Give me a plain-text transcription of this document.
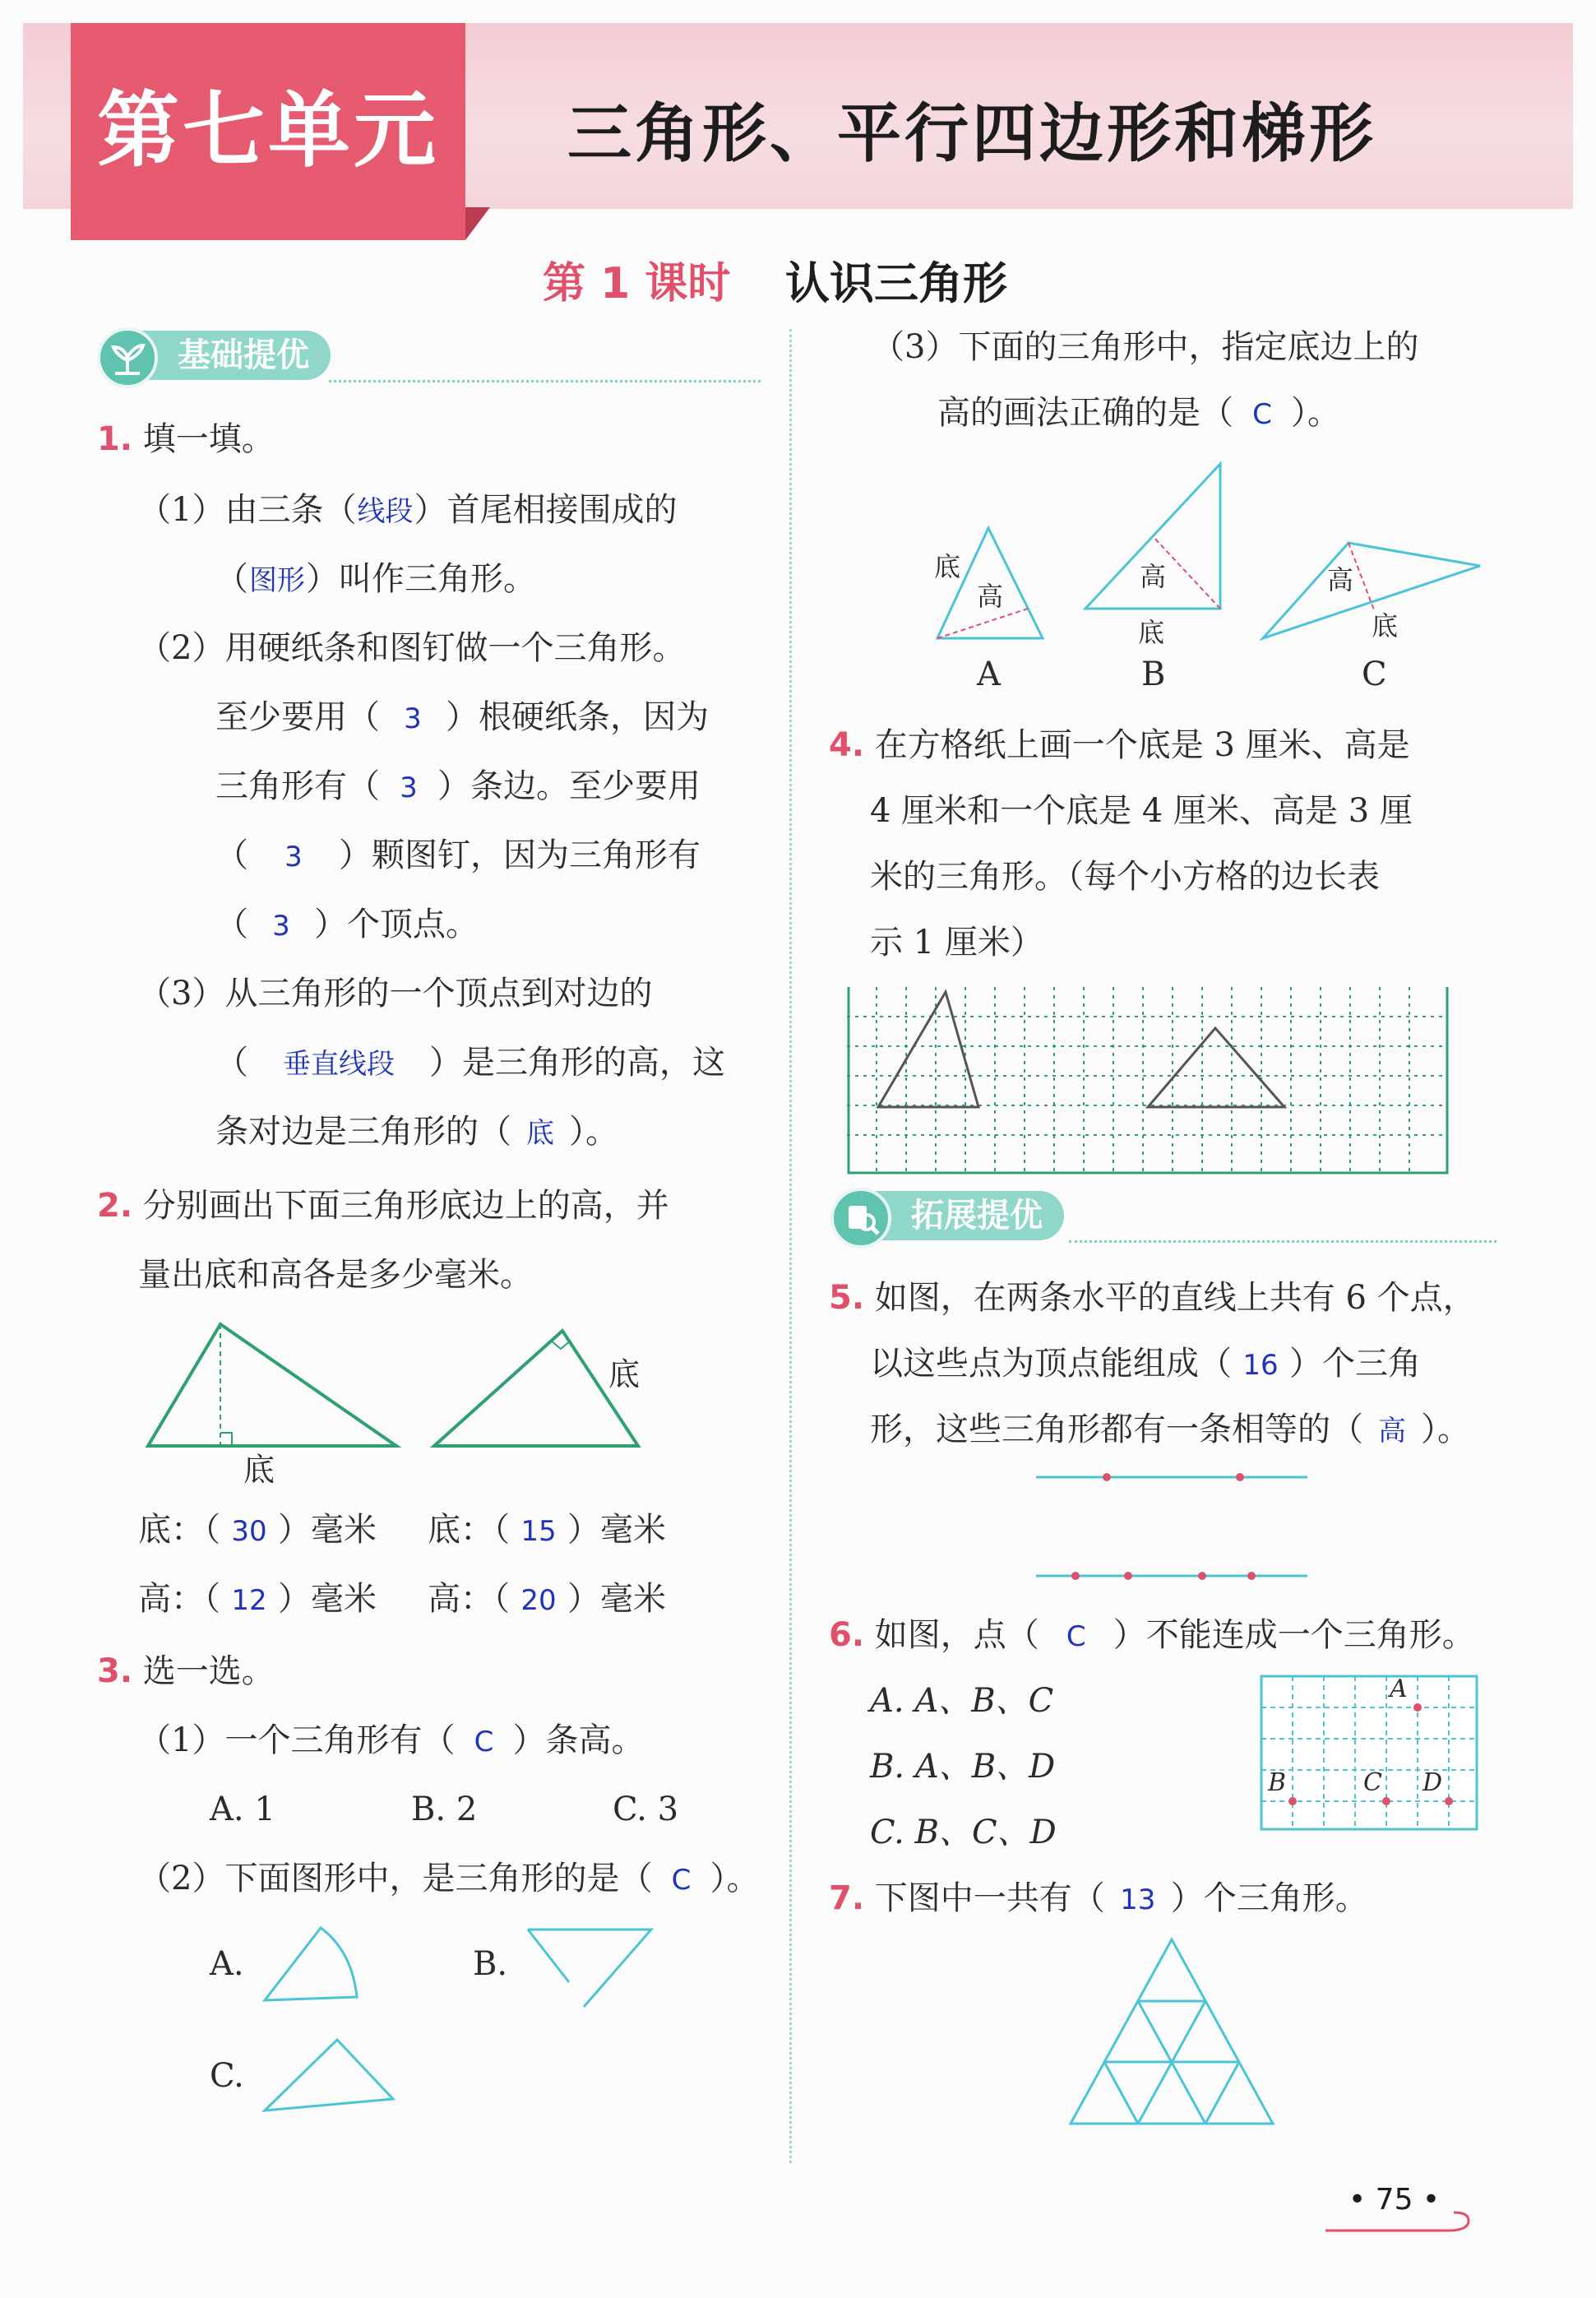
第七单元	三角形、平行四边形和梯形
第 1 课时 认识三角形
基础提优
1. 填一填。
（1）由三条（线段）首尾相接围成的
（图形）叫作三角形。
（2）用硬纸条和图钉做一个三角形。
至少要用（ 3 ）根硬纸条，因为
三角形有（ 3 ）条边。至少要用
（ 3 ）颗图钉，因为三角形有
（ 3 ）个顶点。
（3）从三角形的一个顶点到对边的
（ 垂直线段 ）是三角形的高，这
条对边是三角形的（ 底 ）。
2. 分别画出下面三角形底边上的高，并
量出底和高各是多少毫米。
底
底
底：（ 30 ）毫米 底：（ 15 ）毫米
高：（ 12 ）毫米 高：（ 20 ）毫米
3. 选一选。
（1）一个三角形有（ C ）条高。
A. 1	B. 2	C. 3
（2）下面图形中，是三角形的是（ C ）。
A.	B.
C.
（3）下面的三角形中，指定底边上的
高的画法正确的是（ C ）。
底
高
高
底
高
底
A	B	C
4. 在方格纸上画一个底是 3 厘米、高是
4 厘米和一个底是 4 厘米、高是 3 厘
米的三角形。（每个小方格的边长表
示 1 厘米）
拓展提优
5. 如图，在两条水平的直线上共有 6 个点，
以这些点为顶点能组成（ 16 ）个三角
形，这些三角形都有一条相等的（ 高 ）。
6. 如图，点（ C ）不能连成一个三角形。
A. A、B、C
B. A、B、D
C. B、C、D
A
B	C D
7. 下图中一共有（ 13 ）个三角形。
• 75 •
